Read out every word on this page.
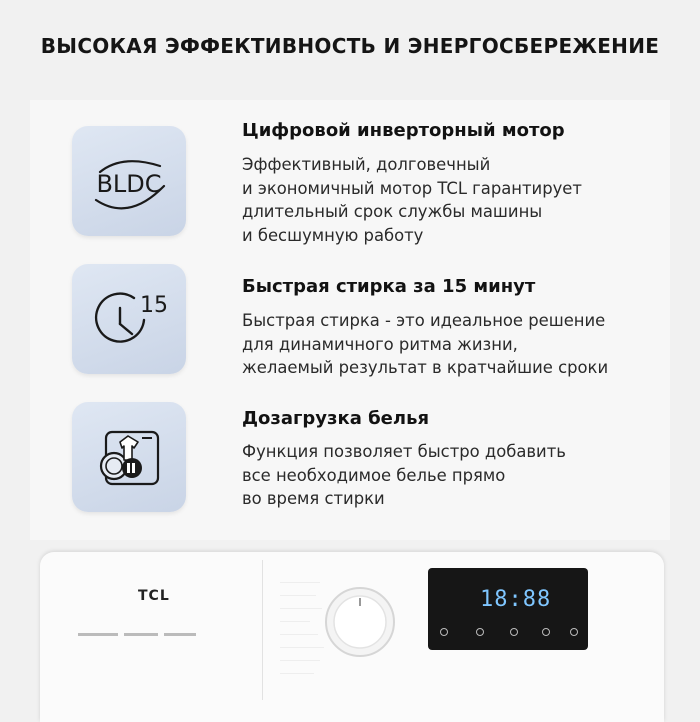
ВЫСОКАЯ ЭФФЕКТИВНОСТЬ И ЭНЕРГОСБЕРЕЖЕНИЕ
BLDC
Цифровой инверторный мотор
Эффективный, долговечный
и экономичный мотор TCL гарантирует
длительный срок службы машины
и бесшумную работу
15
Быстрая стирка за 15 минут
Быстрая стирка - это идеальное решение
для динамичного ритма жизни,
желаемый результат в кратчайшие сроки
Дозагрузка белья
Функция позволяет быстро добавить
все необходимое белье прямо
во время стирки
TCL	18:88
